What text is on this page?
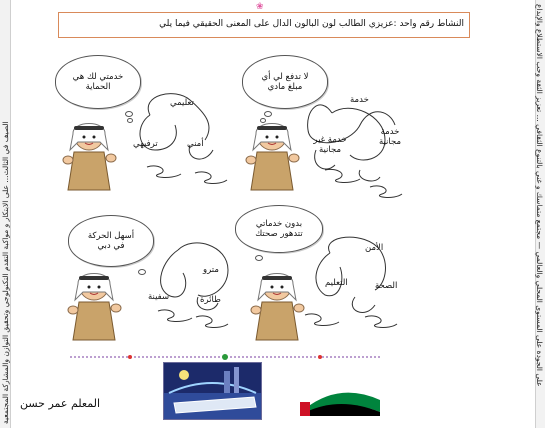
الصيف في الثالث... على الابتكار و مواكبة التقدم التكنولوجي وتحقيق التوازن والمشاركة المجتمعية	على الجودة على المستوى المحلي والعالمي — مجتمع متماسك و غني بالتنوع الثقافي ... تعزيز الثقة وحب الاستطلاع والإبداع
❀
النشاط رقم واحد :عزيزي الطالب لون البالون الدال على المعنى الحقيقي فيما يلي
لا تدفع لي أي مبلغ مادي
خدمة
خدمة غير مجانية
خدمة مجانية
خدمتي لك هي الحماية
تعليمي
ترفيهي	أمني
بدون خدماتي تتدهور صحتك
الأمن
التعليم	الصحة
أسهل الحركة في دبي
مترو
سفينة	طائرة
المعلم عمر حسن
